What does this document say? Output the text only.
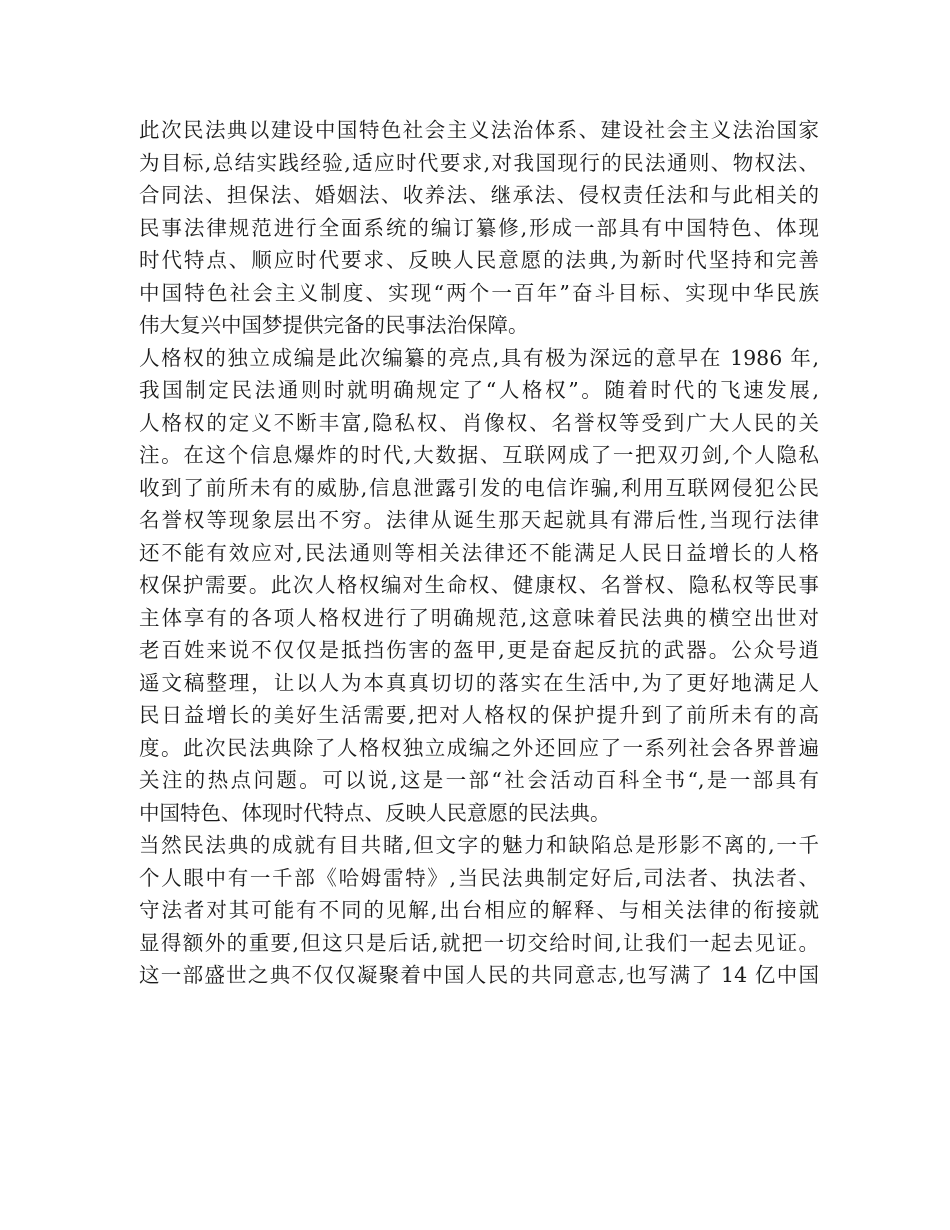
此次民法典以建设中国特色社会主义法治体系、建设社会主义法治国家
为目标,总结实践经验,适应时代要求,对我国现行的民法通则、物权法、
合同法、担保法、婚姻法、收养法、继承法、侵权责任法和与此相关的
民事法律规范进行全面系统的编订纂修,形成一部具有中国特色、体现
时代特点、顺应时代要求、反映人民意愿的法典,为新时代坚持和完善
中国特色社会主义制度、实现“两个一百年”奋斗目标、实现中华民族
伟大复兴中国梦提供完备的民事法治保障。
人格权的独立成编是此次编纂的亮点,具有极为深远的意早在 1986 年,
我国制定民法通则时就明确规定了“人格权”。随着时代的飞速发展,
人格权的定义不断丰富,隐私权、肖像权、名誉权等受到广大人民的关
注。在这个信息爆炸的时代,大数据、互联网成了一把双刃剑,个人隐私
收到了前所未有的威胁,信息泄露引发的电信诈骗,利用互联网侵犯公民
名誉权等现象层出不穷。法律从诞生那天起就具有滞后性,当现行法律
还不能有效应对,民法通则等相关法律还不能满足人民日益增长的人格
权保护需要。此次人格权编对生命权、健康权、名誉权、隐私权等民事
主体享有的各项人格权进行了明确规范,这意味着民法典的横空出世对
老百姓来说不仅仅是抵挡伤害的盔甲,更是奋起反抗的武器。公众号逍
遥文稿整理，让以人为本真真切切的落实在生活中,为了更好地满足人
民日益增长的美好生活需要,把对人格权的保护提升到了前所未有的高
度。此次民法典除了人格权独立成编之外还回应了一系列社会各界普遍
关注的热点问题。可以说,这是一部“社会活动百科全书“,是一部具有
中国特色、体现时代特点、反映人民意愿的民法典。
当然民法典的成就有目共睹,但文字的魅力和缺陷总是形影不离的,一千
个人眼中有一千部《哈姆雷特》,当民法典制定好后,司法者、执法者、
守法者对其可能有不同的见解,出台相应的解释、与相关法律的衔接就
显得额外的重要,但这只是后话,就把一切交给时间,让我们一起去见证。
这一部盛世之典不仅仅凝聚着中国人民的共同意志,也写满了 14 亿中国
